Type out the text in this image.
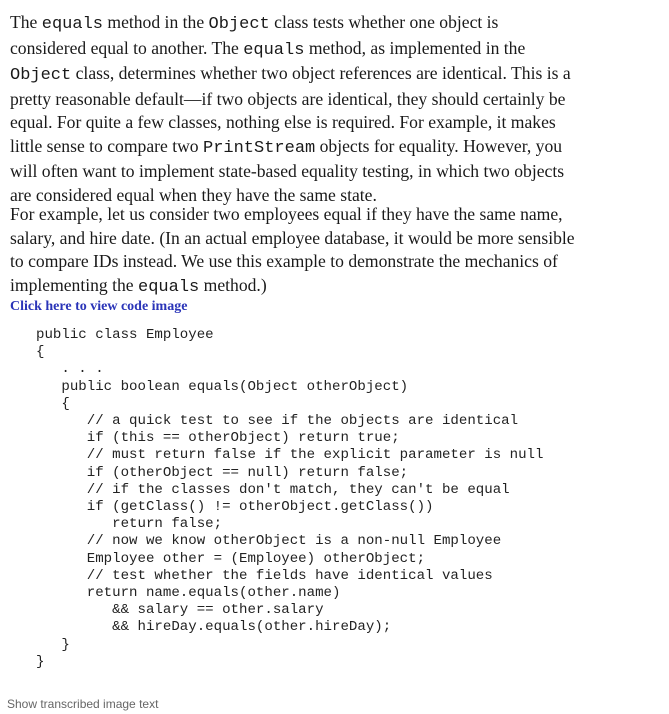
The equals method in the Object class tests whether one object is
considered equal to another. The equals method, as implemented in the
Object class, determines whether two object references are identical. This is a
pretty reasonable default—if two objects are identical, they should certainly be
equal. For quite a few classes, nothing else is required. For example, it makes
little sense to compare two PrintStream objects for equality. However, you
will often want to implement state-based equality testing, in which two objects
are considered equal when they have the same state.

For example, let us consider two employees equal if they have the same name,
salary, and hire date. (In an actual employee database, it would be more sensible
to compare IDs instead. We use this example to demonstrate the mechanics of
implementing the equals method.)

Click here to view code image
public class Employee
{
. . .
public boolean equals(Object otherObject)
{
// a quick test to see if the objects are identical
if (this == otherObject) return true;
// must return false if the explicit parameter is null
if (otherObject == null) return false;
// if the classes don't match, they can't be equal
if (getClass() != otherObject.getClass())
return false;
// now we know otherObject is a non-null Employee
Employee other = (Employee) otherObject;
// test whether the fields have identical values
return name.equals(other.name)
&& salary == other.salary
&& hireDay.equals(other.hireDay);
}
}
Show transcribed image text
